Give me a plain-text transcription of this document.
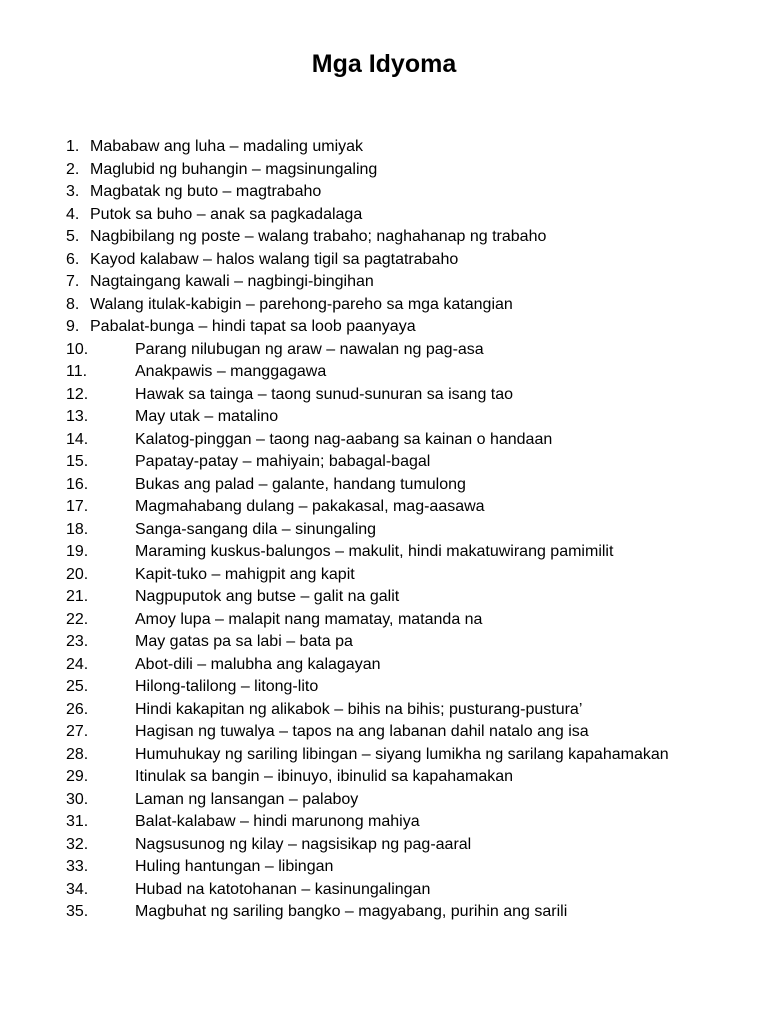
Mga Idyoma
1. Mababaw ang luha – madaling umiyak
2. Maglubid ng buhangin – magsinungaling
3. Magbatak ng buto – magtrabaho
4. Putok sa buho – anak sa pagkadalaga
5. Nagbibilang ng poste – walang trabaho; naghahanap ng trabaho
6. Kayod kalabaw – halos walang tigil sa pagtatrabaho
7. Nagtaingang kawali – nagbingi-bingihan
8. Walang itulak-kabigin – parehong-pareho sa mga katangian
9. Pabalat-bunga – hindi tapat sa loob paanyaya
10.	Parang nilubugan ng araw – nawalan ng pag-asa
11.	Anakpawis – manggagawa
12.	Hawak sa tainga – taong sunud-sunuran sa isang tao
13.	May utak – matalino
14.	Kalatog-pinggan – taong nag-aabang sa kainan o handaan
15.	Papatay-patay – mahiyain; babagal-bagal
16.	Bukas ang palad – galante, handang tumulong
17.	Magmahabang dulang – pakakasal, mag-aasawa
18.	Sanga-sangang dila – sinungaling
19.	Maraming kuskus-balungos – makulit, hindi makatuwirang pamimilit
20.	Kapit-tuko – mahigpit ang kapit
21.	Nagpuputok ang butse – galit na galit
22.	Amoy lupa – malapit nang mamatay, matanda na
23.	May gatas pa sa labi – bata pa
24.	Abot-dili – malubha ang kalagayan
25.	Hilong-talilong – litong-lito
26.	Hindi kakapitan ng alikabok – bihis na bihis; pusturang-pustura’
27.	Hagisan ng tuwalya – tapos na ang labanan dahil natalo ang isa
28.	Humuhukay ng sariling libingan – siyang lumikha ng sarilang kapahamakan
29.	Itinulak sa bangin – ibinuyo, ibinulid sa kapahamakan
30.	Laman ng lansangan – palaboy
31.	Balat-kalabaw – hindi marunong mahiya
32.	Nagsusunog ng kilay – nagsisikap ng pag-aaral
33.	Huling hantungan – libingan
34.	Hubad na katotohanan – kasinungalingan
35.	Magbuhat ng sariling bangko – magyabang, purihin ang sarili
